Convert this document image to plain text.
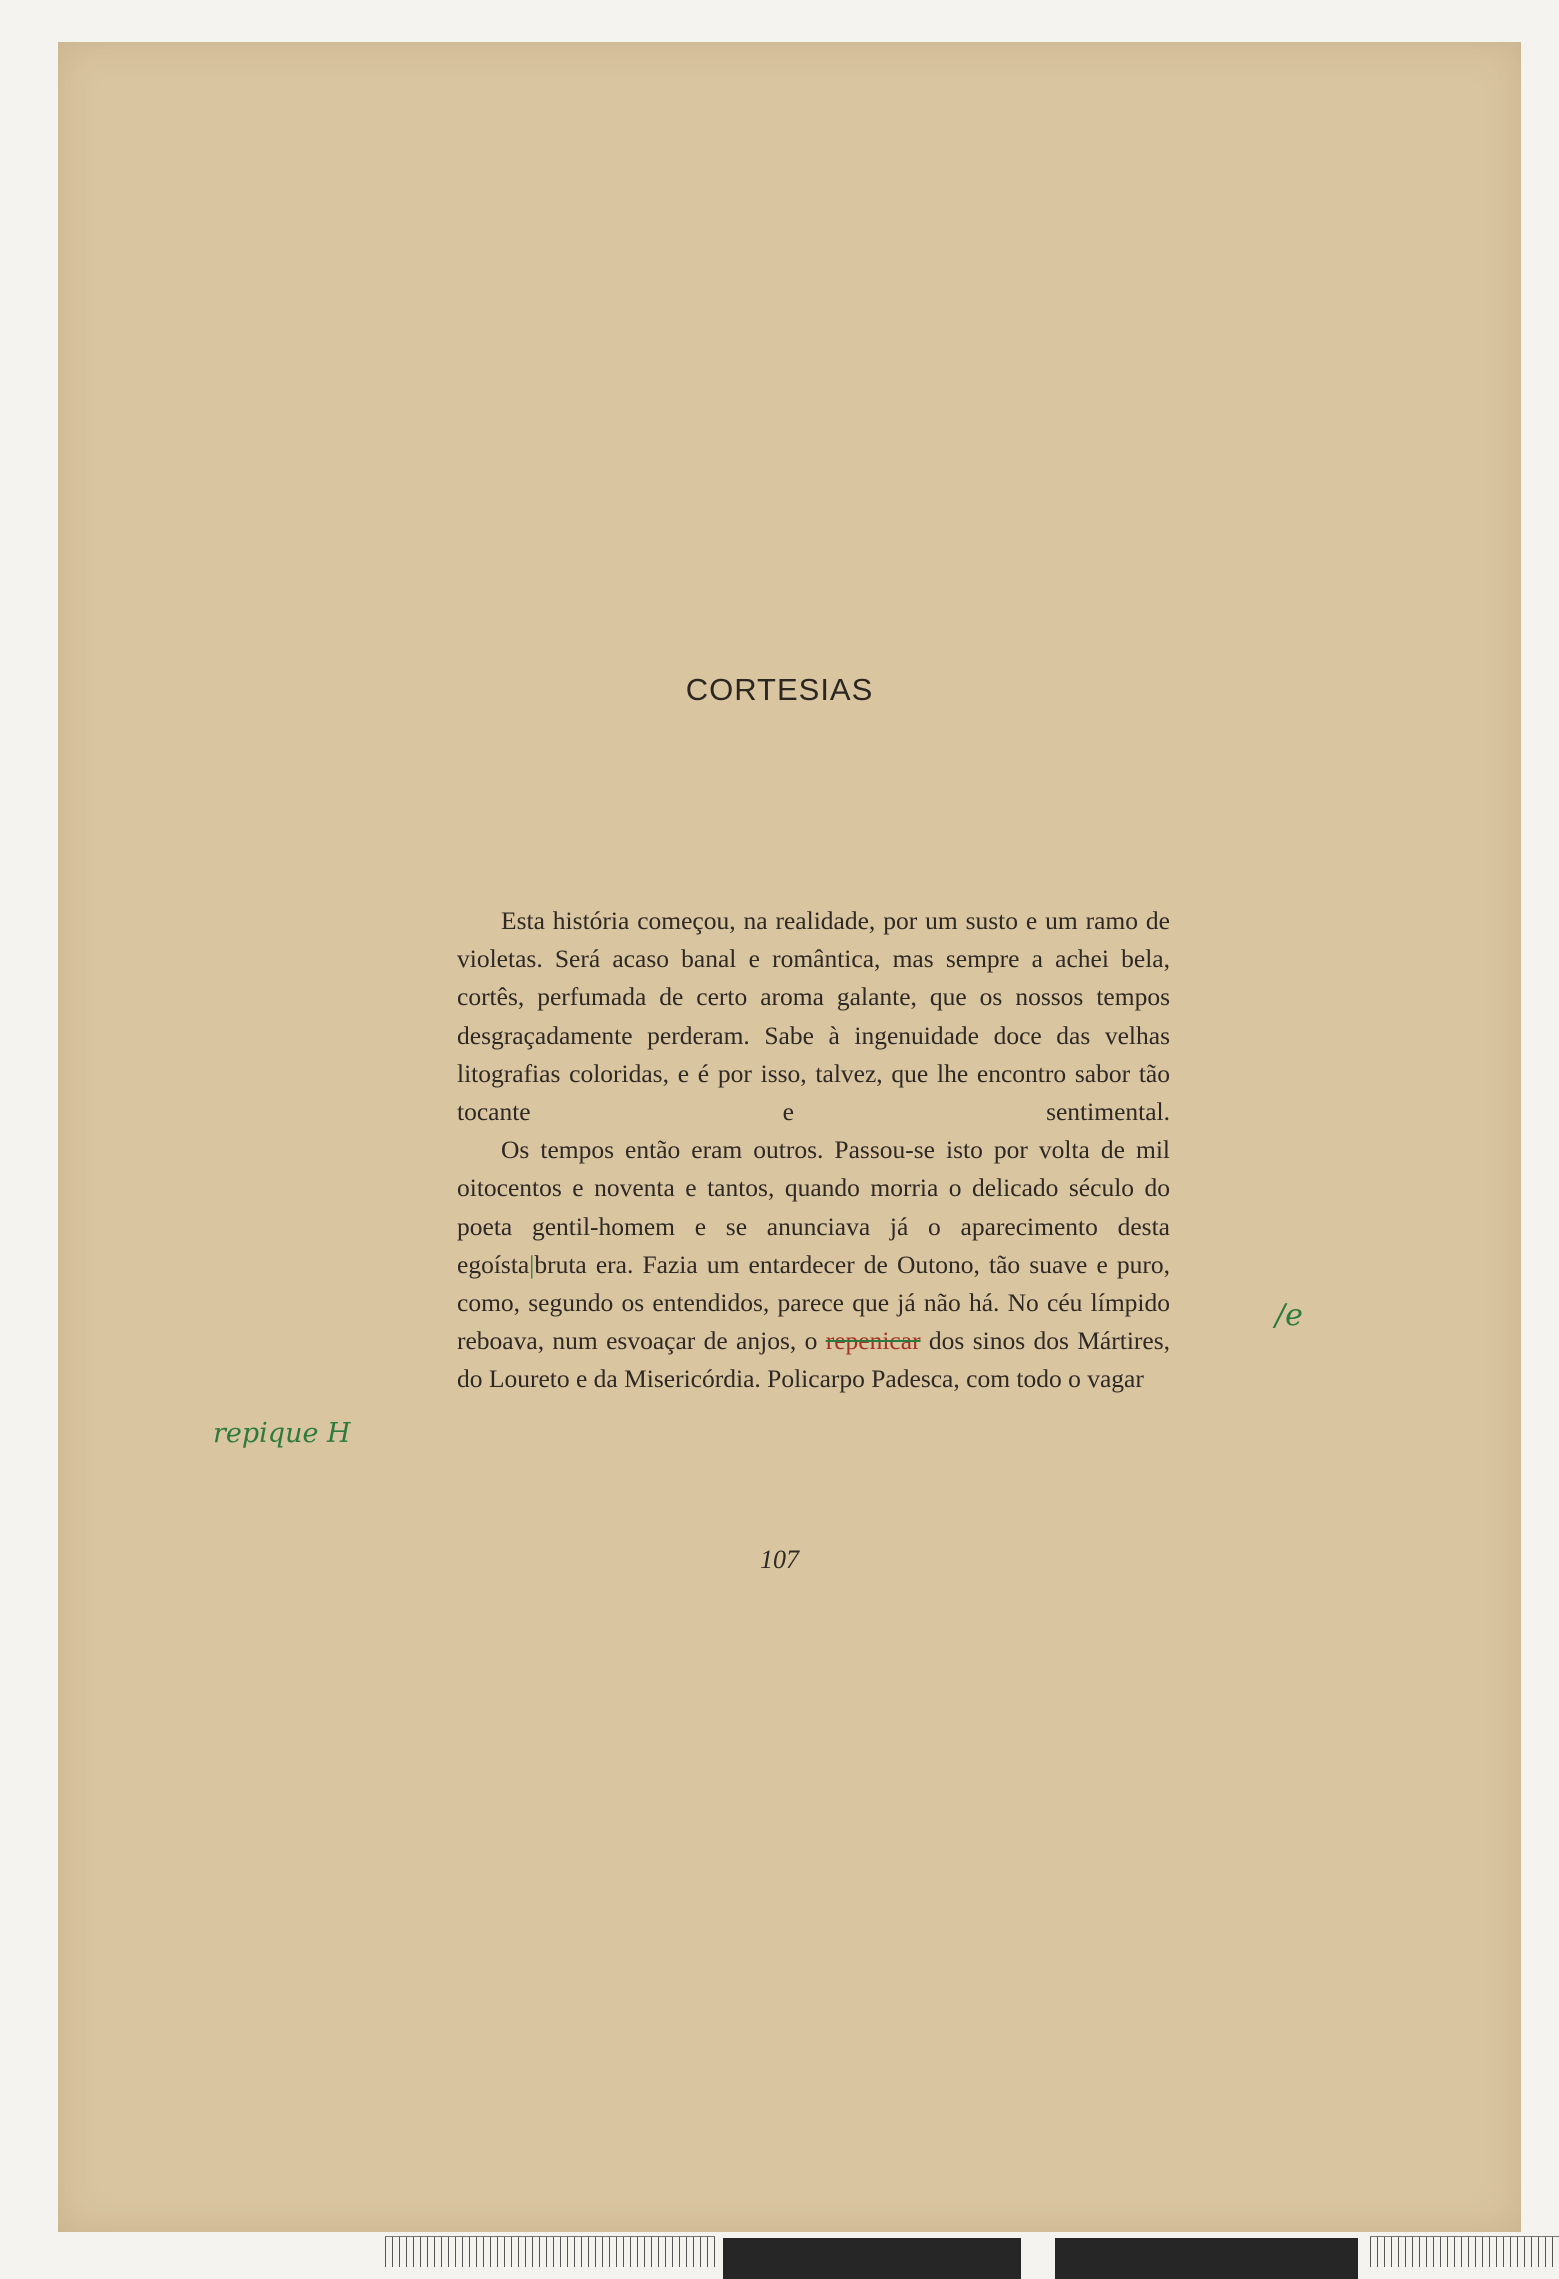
CORTESIAS

Esta história começou, na realidade, por um susto e um ramo de violetas. Será acaso banal e romântica, mas sempre a achei bela, cortês, perfumada de certo aroma galante, que os nossos tempos desgraçadamente perderam. Sabe à ingenuidade doce das velhas litografias coloridas, e é por isso, talvez, que lhe encontro sabor tão tocante e sentimental.

Os tempos então eram outros. Passou-se isto por volta de mil oitocentos e noventa e tantos, quando morria o delicado século do poeta gentil-homem e se anunciava já o aparecimento desta egoísta|bruta era. Fazia um entardecer de Outono, tão suave e puro, como, segundo os entendidos, parece que já não há. No céu límpido reboava, num esvoaçar de anjos, o repenicar dos sinos dos Mártires, do Loureto e da Misericórdia. Policarpo Padesca, com todo o vagar

repique H
/e
107
